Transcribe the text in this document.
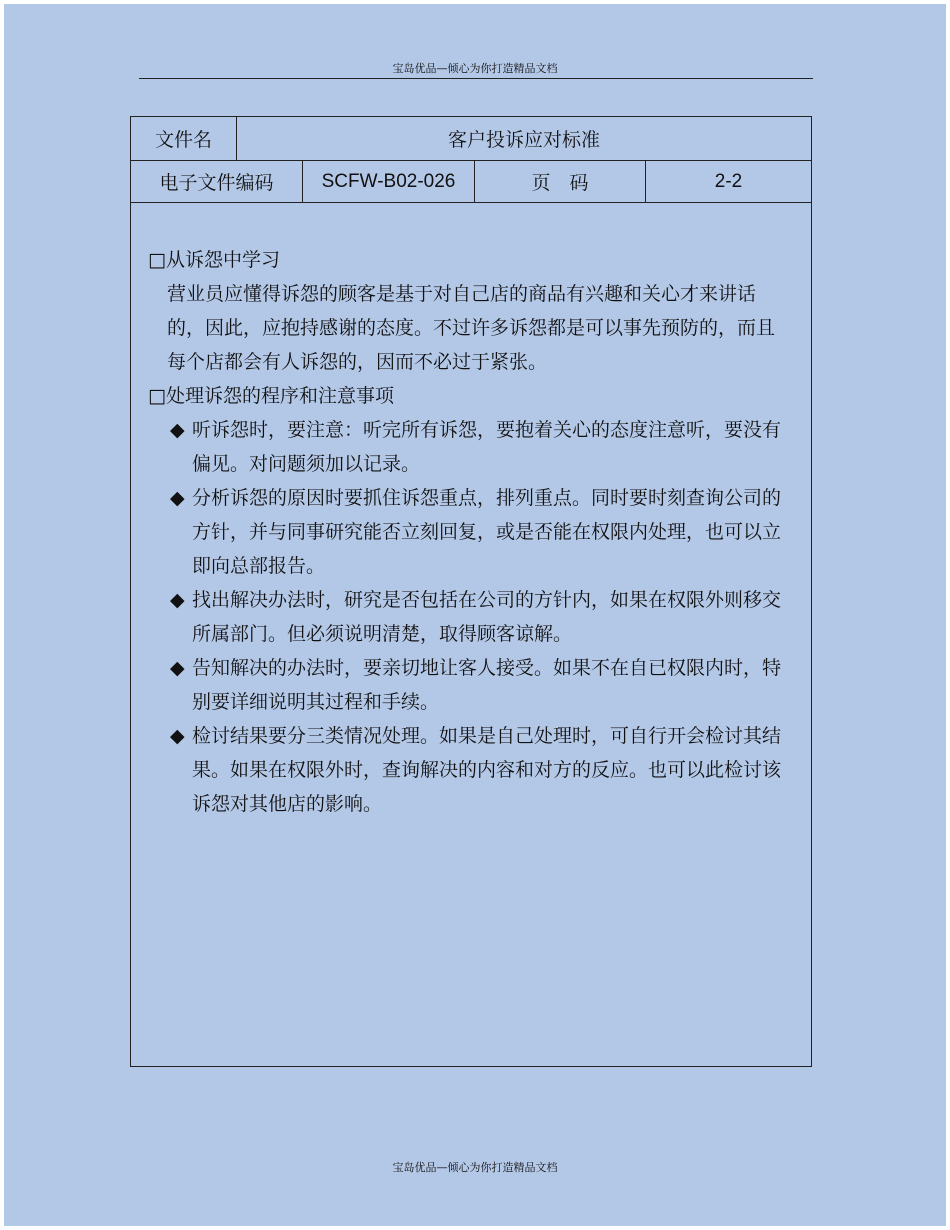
宝岛优品—倾心为你打造精品文档
文件名	客户投诉应对标准
电子文件编码	SCFW-B02-026	页　码	2-2

□从诉怨中学习

营业员应懂得诉怨的顾客是基于对自己店的商品有兴趣和关心才来讲话的，因此，应抱持感谢的态度。不过许多诉怨都是可以事先预防的，而且每个店都会有人诉怨的，因而不必过于紧张。

□处理诉怨的程序和注意事项

◆ 听诉怨时，要注意：听完所有诉怨，要抱着关心的态度注意听，要没有偏见。对问题须加以记录。

◆ 分析诉怨的原因时要抓住诉怨重点，排列重点。同时要时刻查询公司的方针，并与同事研究能否立刻回复，或是否能在权限内处理，也可以立即向总部报告。

◆ 找出解决办法时，研究是否包括在公司的方针内，如果在权限外则移交所属部门。但必须说明清楚，取得顾客谅解。

◆ 告知解决的办法时，要亲切地让客人接受。如果不在自已权限内时，特别要详细说明其过程和手续。

◆ 检讨结果要分三类情况处理。如果是自己处理时，可自行开会检讨其结果。如果在权限外时，查询解决的内容和对方的反应。也可以此检讨该诉怨对其他店的影响。

宝岛优品—倾心为你打造精品文档
